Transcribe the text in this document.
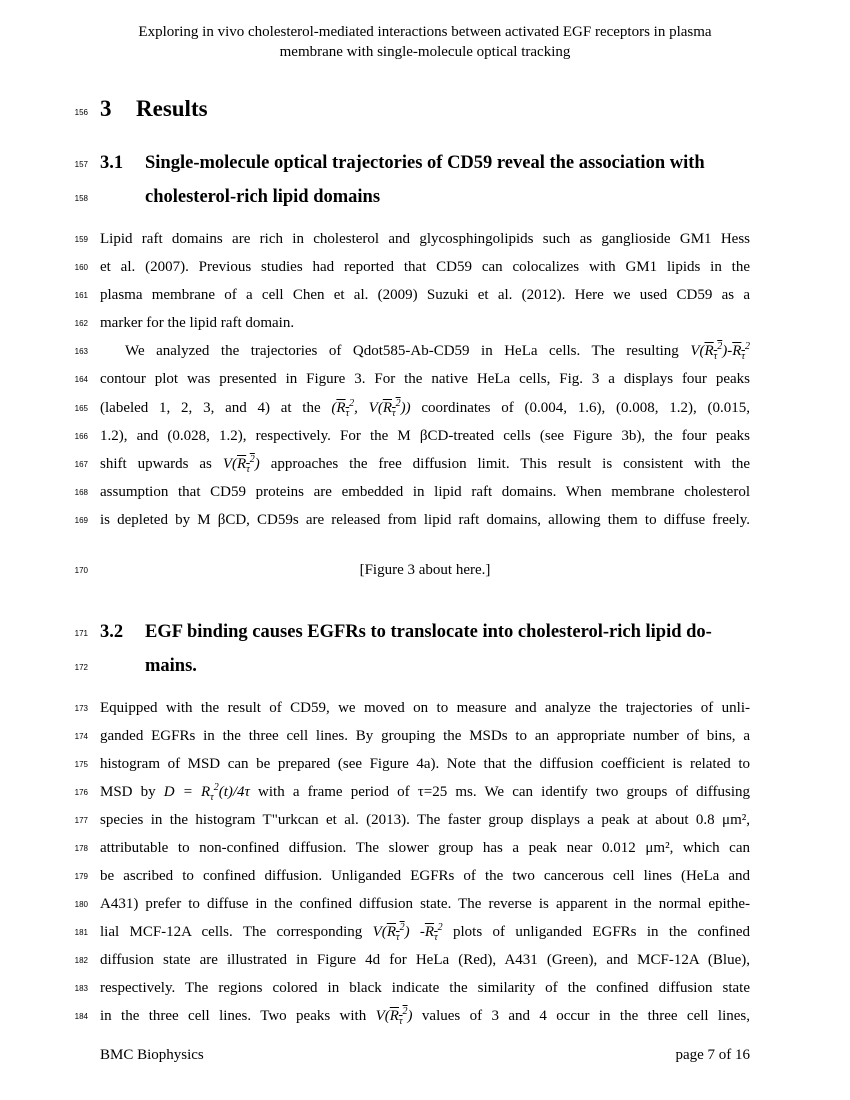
Exploring in vivo cholesterol-mediated interactions between activated EGF receptors in plasma
membrane with single-molecule optical tracking
156
157
158
159
160
161
162
163
164
165
166
167
168
169
170
171
172
173
174
175
176
177
178
179
180
181
182
183
184
3 Results
3.1 Single-molecule optical trajectories of CD59 reveal the association with
cholesterol-rich lipid domains
Lipid raft domains are rich in cholesterol and glycosphingolipids such as ganglioside GM1 Hess
et al. (2007). Previous studies had reported that CD59 can colocalizes with GM1 lipids in the
plasma membrane of a cell Chen et al. (2009) Suzuki et al. (2012). Here we used CD59 as a
marker for the lipid raft domain.
We analyzed the trajectories of Qdot585-Ab-CD59 in HeLa cells. The resulting $V(R_\tau^2)-R_\tau^2$
contour plot was presented in Figure 3. For the native HeLa cells, Fig. 3 a displays four peaks
(labeled 1, 2, 3, and 4) at the ($R_\tau^2$, $V(R_\tau^2)$) coordinates of (0.004, 1.6), (0.008, 1.2), (0.015,
1.2), and (0.028, 1.2), respectively. For the M βCD-treated cells (see Figure 3b), the four peaks
shift upwards as $V(R_\tau^2)$ approaches the free diffusion limit. This result is consistent with the
assumption that CD59 proteins are embedded in lipid raft domains. When membrane cholesterol
is depleted by M βCD, CD59s are released from lipid raft domains, allowing them to diffuse freely.
[Figure 3 about here.]
3.2 EGF binding causes EGFRs to translocate into cholesterol-rich lipid do-
mains.
Equipped with the result of CD59, we moved on to measure and analyze the trajectories of unli-
ganded EGFRs in the three cell lines. By grouping the MSDs to an appropriate number of bins, a
histogram of MSD can be prepared (see Figure 4a). Note that the diffusion coefficient is related to
MSD by $D = R_\tau^2(t)/4\tau$ with a frame period of τ=25 ms. We can identify two groups of diffusing
species in the histogram T"urkcan et al. (2013). The faster group displays a peak at about 0.8 μm²,
attributable to non-confined diffusion. The slower group has a peak near 0.012 μm², which can
be ascribed to confined diffusion. Unliganded EGFRs of the two cancerous cell lines (HeLa and
A431) prefer to diffuse in the confined diffusion state. The reverse is apparent in the normal epithe-
lial MCF-12A cells. The corresponding $V(R_\tau^2)$ $-R_\tau^2$ plots of unliganded EGFRs in the confined
diffusion state are illustrated in Figure 4d for HeLa (Red), A431 (Green), and MCF-12A (Blue),
respectively. The regions colored in black indicate the similarity of the confined diffusion state
in the three cell lines. Two peaks with $V(R_\tau^2)$ values of 3 and 4 occur in the three cell lines,
BMC Biophysics	page 7 of 16
